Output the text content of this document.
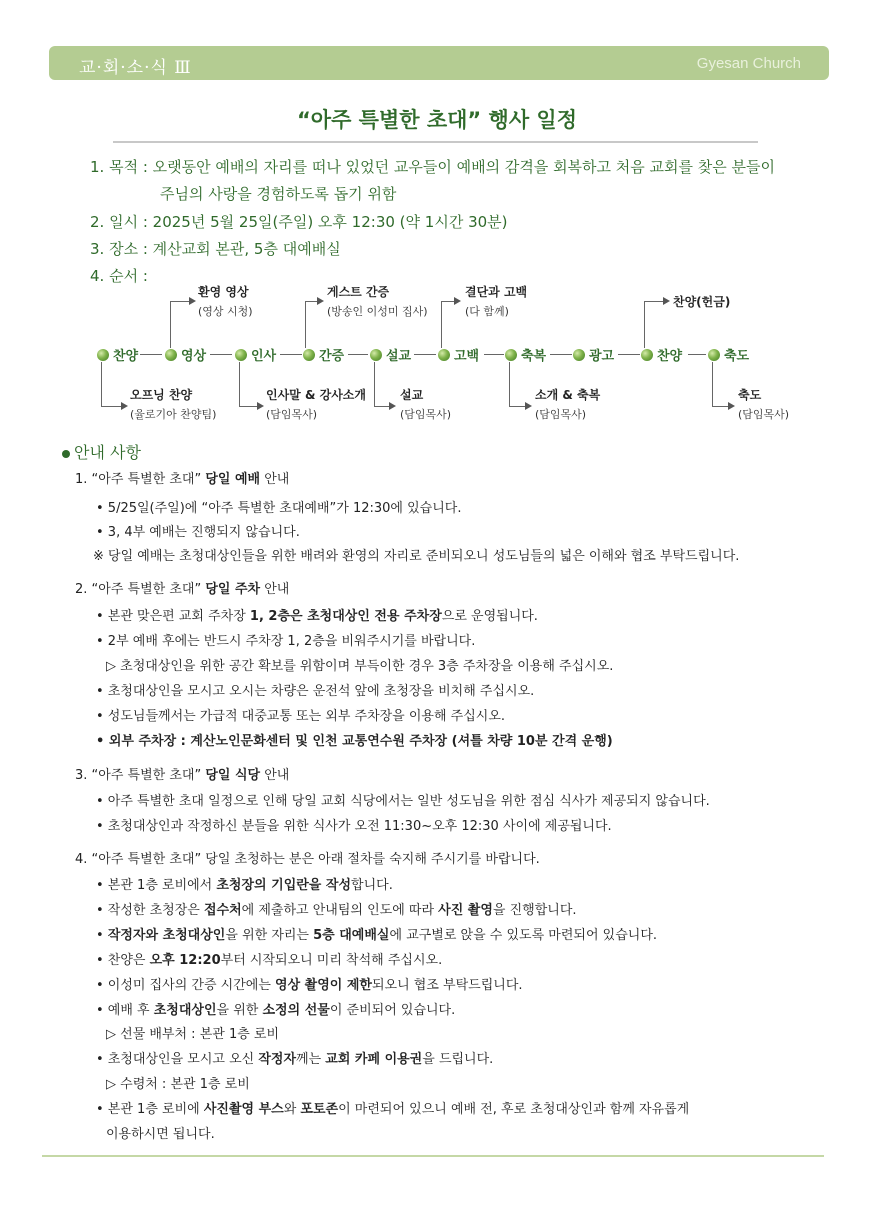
교·회·소·식 Ⅲ	Gyesan Church
“아주 특별한 초대” 행사 일정
1. 목적 : 오랫동안 예배의 자리를 떠나 있었던 교우들이 예배의 감격을 회복하고 처음 교회를 찾은 분들이
주님의 사랑을 경험하도록 돕기 위함
2. 일시 : 2025년 5월 25일(주일) 오후 12:30 (약 1시간 30분)
3. 장소 : 계산교회 본관, 5층 대예배실
4. 순서 :
찬양	영상	인사	간증	설교	고백	축복	광고	찬양	축도
환영 영상
(영상 시청)
게스트 간증
(방송인 이성미 집사)
결단과 고백
(다 함께)
찬양(헌금)
오프닝 찬양
(율로기아 찬양팀)
인사말 & 강사소개
(담임목사)
설교
(담임목사)
소개 & 축복
(담임목사)
축도
(담임목사)
안내 사항
1. “아주 특별한 초대” 당일 예배 안내
• 5/25일(주일)에 “아주 특별한 초대예배”가 12:30에 있습니다.
• 3, 4부 예배는 진행되지 않습니다.
※ 당일 예배는 초청대상인들을 위한 배려와 환영의 자리로 준비되오니 성도님들의 넓은 이해와 협조 부탁드립니다.
2. “아주 특별한 초대” 당일 주차 안내
• 본관 맞은편 교회 주차장 1, 2층은 초청대상인 전용 주차장으로 운영됩니다.
• 2부 예배 후에는 반드시 주차장 1, 2층을 비워주시기를 바랍니다.
▷ 초청대상인을 위한 공간 확보를 위함이며 부득이한 경우 3층 주차장을 이용해 주십시오.
• 초청대상인을 모시고 오시는 차량은 운전석 앞에 초청장을 비치해 주십시오.
• 성도님들께서는 가급적 대중교통 또는 외부 주차장을 이용해 주십시오.
• 외부 주차장 : 계산노인문화센터 및 인천 교통연수원 주차장 (셔틀 차량 10분 간격 운행)
3. “아주 특별한 초대” 당일 식당 안내
• 아주 특별한 초대 일정으로 인해 당일 교회 식당에서는 일반 성도님을 위한 점심 식사가 제공되지 않습니다.
• 초청대상인과 작정하신 분들을 위한 식사가 오전 11:30~오후 12:30 사이에 제공됩니다.
4. “아주 특별한 초대” 당일 초청하는 분은 아래 절차를 숙지해 주시기를 바랍니다.
• 본관 1층 로비에서 초청장의 기입란을 작성합니다.
• 작성한 초청장은 접수처에 제출하고 안내팀의 인도에 따라 사진 촬영을 진행합니다.
• 작정자와 초청대상인을 위한 자리는 5층 대예배실에 교구별로 앉을 수 있도록 마련되어 있습니다.
• 찬양은 오후 12:20부터 시작되오니 미리 착석해 주십시오.
• 이성미 집사의 간증 시간에는 영상 촬영이 제한되오니 협조 부탁드립니다.
• 예배 후 초청대상인을 위한 소정의 선물이 준비되어 있습니다.
▷ 선물 배부처 : 본관 1층 로비
• 초청대상인을 모시고 오신 작정자께는 교회 카페 이용권을 드립니다.
▷ 수령처 : 본관 1층 로비
• 본관 1층 로비에 사진촬영 부스와 포토존이 마련되어 있으니 예배 전, 후로 초청대상인과 함께 자유롭게
이용하시면 됩니다.
